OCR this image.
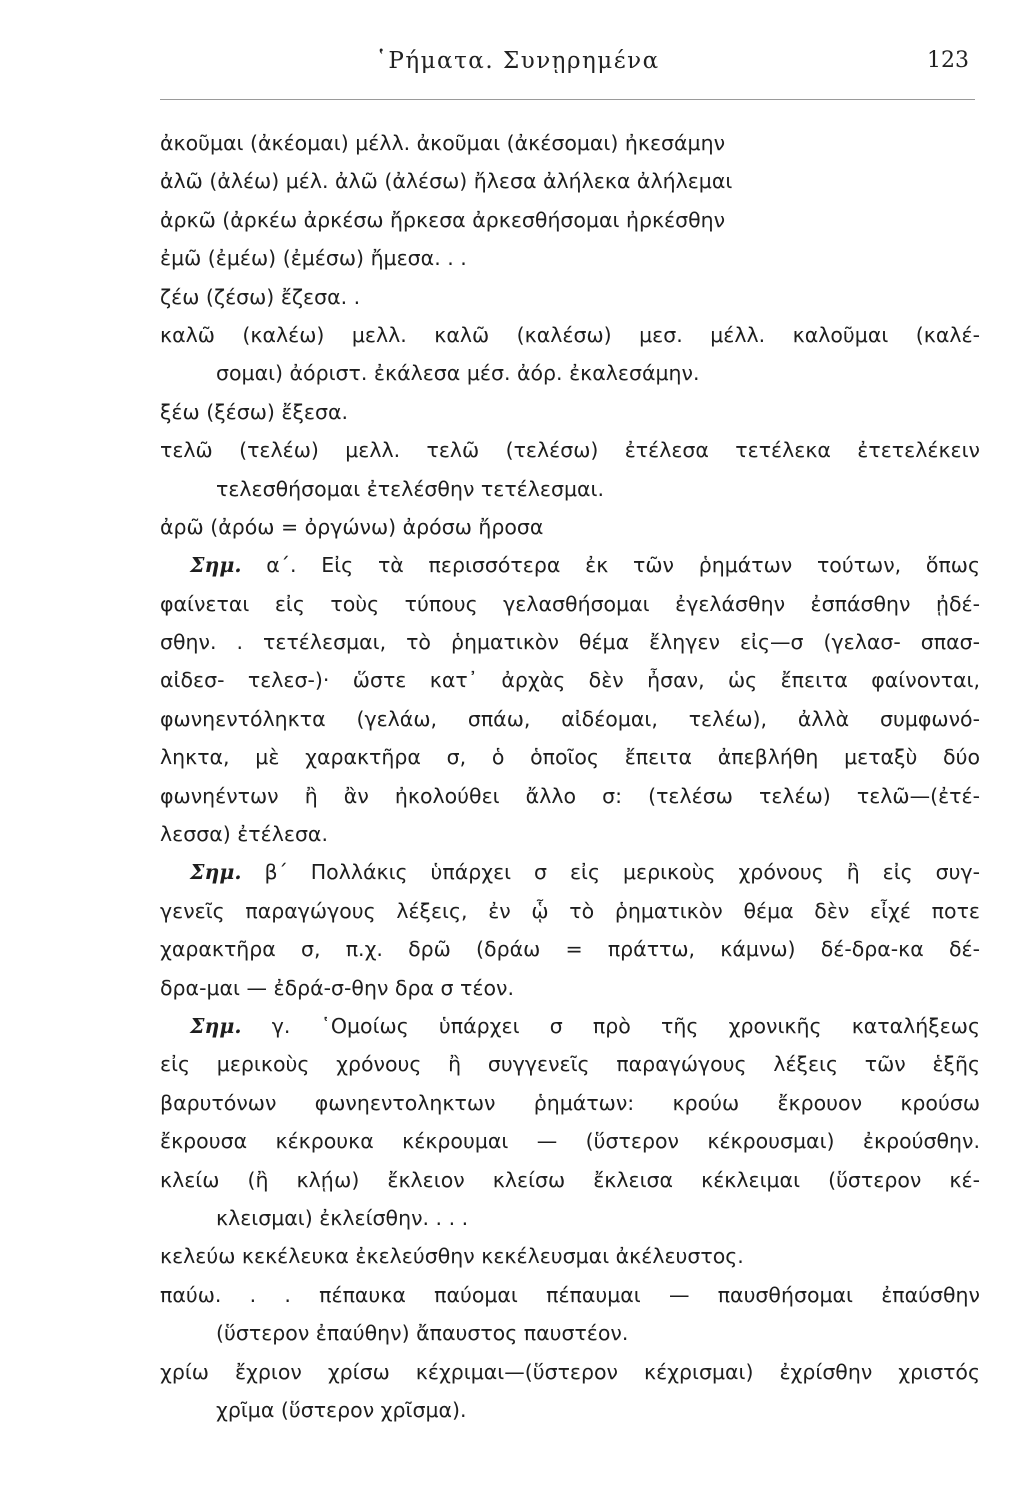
῾Ρήματα. Συνῃρημένα	123
ἀκοῦμαι (ἀκέομαι) μέλλ. ἀκοῦμαι (ἀκέσομαι) ἠκεσάμην
ἀλῶ (ἀλέω) μέλ. ἀλῶ (ἀλέσω) ἤλεσα ἀλήλεκα ἀλήλεμαι
ἀρκῶ (ἀρκέω ἀρκέσω ἤρκεσα ἀρκεσθήσομαι ἠρκέσθην
ἐμῶ (ἐμέω) (ἐμέσω) ἤμεσα. . .
ζέω (ζέσω) ἔζεσα. .
καλῶ (καλέω) μελλ. καλῶ (καλέσω) μεσ. μέλλ. καλοῦμαι (καλέ-
σομαι) ἀόριστ. ἐκάλεσα μέσ. ἀόρ. ἐκαλεσάμην.
ξέω (ξέσω) ἔξεσα.
τελῶ (τελέω) μελλ. τελῶ (τελέσω) ἐτέλεσα τετέλεκα ἐτετελέκειν
τελεσθήσομαι ἐτελέσθην τετέλεσμαι.
ἀρῶ (ἀρόω = ὀργώνω) ἀρόσω ἤροσα
Σημ. α΄. Εἰς τὰ περισσότερα ἐκ τῶν ῥημάτων τούτων, ὅπως
φαίνεται εἰς τοὺς τύπους γελασθήσομαι ἐγελάσθην ἐσπάσθην ᾐδέ-
σθην. . τετέλεσμαι, τὸ ῥηματικὸν θέμα ἔληγεν εἰς—σ (γελασ- σπασ-
αἰδεσ- τελεσ-)· ὥστε κατ᾽ ἀρχὰς δὲν ἦσαν, ὡς ἔπειτα φαίνονται,
φωνηεντόληκτα (γελάω, σπάω, αἰδέομαι, τελέω), ἀλλὰ συμφωνό-
ληκτα, μὲ χαρακτῆρα σ, ὁ ὁποῖος ἔπειτα ἀπεβλήθη μεταξὺ δύο
φωνηέντων ἢ ἂν ἠκολούθει ἄλλο σ: (τελέσω τελέω) τελῶ—(ἐτέ-
λεσσα) ἐτέλεσα.
Σημ. β΄ Πολλάκις ὑπάρχει σ εἰς μερικοὺς χρόνους ἢ εἰς συγ-
γενεῖς παραγώγους λέξεις, ἐν ᾧ τὸ ῥηματικὸν θέμα δὲν εἶχέ ποτε
χαρακτῆρα σ, π.χ. δρῶ (δράω = πράττω, κάμνω) δέ-δρα-κα δέ-
δρα-μαι — ἐδρά-σ-θην δρα σ τέον.
Σημ. γ. ῾Ομοίως ὑπάρχει σ πρὸ τῆς χρονικῆς καταλήξεως
εἰς μερικοὺς χρόνους ἢ συγγενεῖς παραγώγους λέξεις τῶν ἑξῆς
βαρυτόνων φωνηεντοληκτων ῥημάτων: κρούω ἔκρουον κρούσω
ἔκρουσα κέκρουκα κέκρουμαι — (ὕστερον κέκρουσμαι) ἐκρούσθην.
κλείω (ἢ κλῄω) ἔκλειον κλείσω ἔκλεισα κέκλειμαι (ὕστερον κέ-
κλεισμαι) ἐκλείσθην. . . .
κελεύω κεκέλευκα ἐκελεύσθην κεκέλευσμαι ἀκέλευστος.
παύω. . . πέπαυκα παύομαι πέπαυμαι — παυσθήσομαι ἐπαύσθην
(ὕστερον ἐπαύθην) ἄπαυστος παυστέον.
χρίω ἔχριον χρίσω κέχριμαι—(ὕστερον κέχρισμαι) ἐχρίσθην χριστός
χρῖμα (ὕστερον χρῖσμα).
